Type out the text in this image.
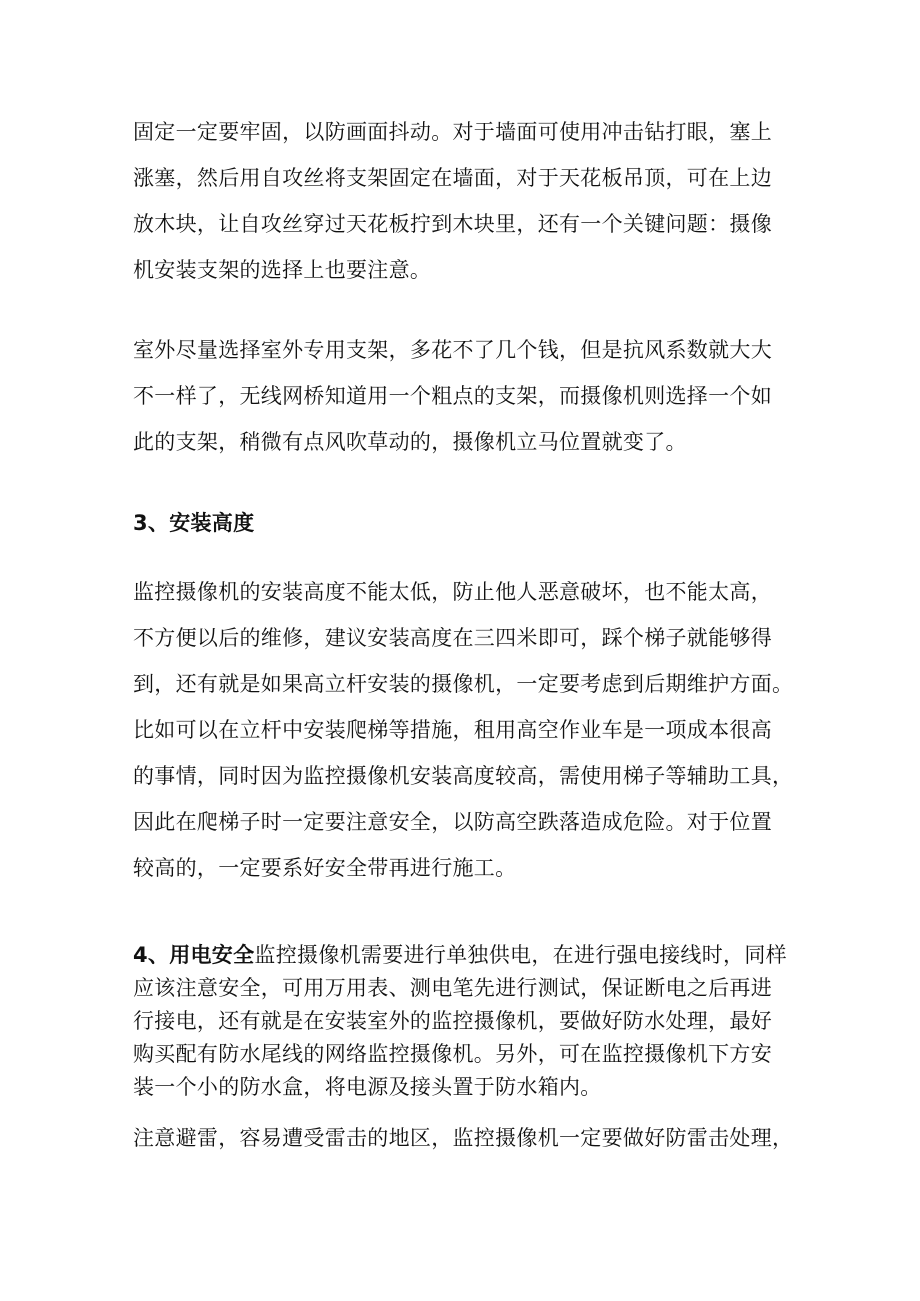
固定一定要牢固，以防画面抖动。对于墙面可使用冲击钻打眼，塞上
涨塞，然后用自攻丝将支架固定在墙面，对于天花板吊顶，可在上边
放木块，让自攻丝穿过天花板拧到木块里，还有一个关键问题：摄像
机安装支架的选择上也要注意。
室外尽量选择室外专用支架，多花不了几个钱，但是抗风系数就大大
不一样了，无线网桥知道用一个粗点的支架，而摄像机则选择一个如
此的支架，稍微有点风吹草动的，摄像机立马位置就变了。
3、安装高度
监控摄像机的安装高度不能太低，防止他人恶意破坏，也不能太高，
不方便以后的维修，建议安装高度在三四米即可，踩个梯子就能够得
到，还有就是如果高立杆安装的摄像机，一定要考虑到后期维护方面。
比如可以在立杆中安装爬梯等措施，租用高空作业车是一项成本很高
的事情，同时因为监控摄像机安装高度较高，需使用梯子等辅助工具，
因此在爬梯子时一定要注意安全，以防高空跌落造成危险。对于位置
较高的，一定要系好安全带再进行施工。
4、用电安全监控摄像机需要进行单独供电，在进行强电接线时，同样
应该注意安全，可用万用表、测电笔先进行测试，保证断电之后再进
行接电，还有就是在安装室外的监控摄像机，要做好防水处理，最好
购买配有防水尾线的网络监控摄像机。另外，可在监控摄像机下方安
装一个小的防水盒，将电源及接头置于防水箱内。
注意避雷，容易遭受雷击的地区，监控摄像机一定要做好防雷击处理，
